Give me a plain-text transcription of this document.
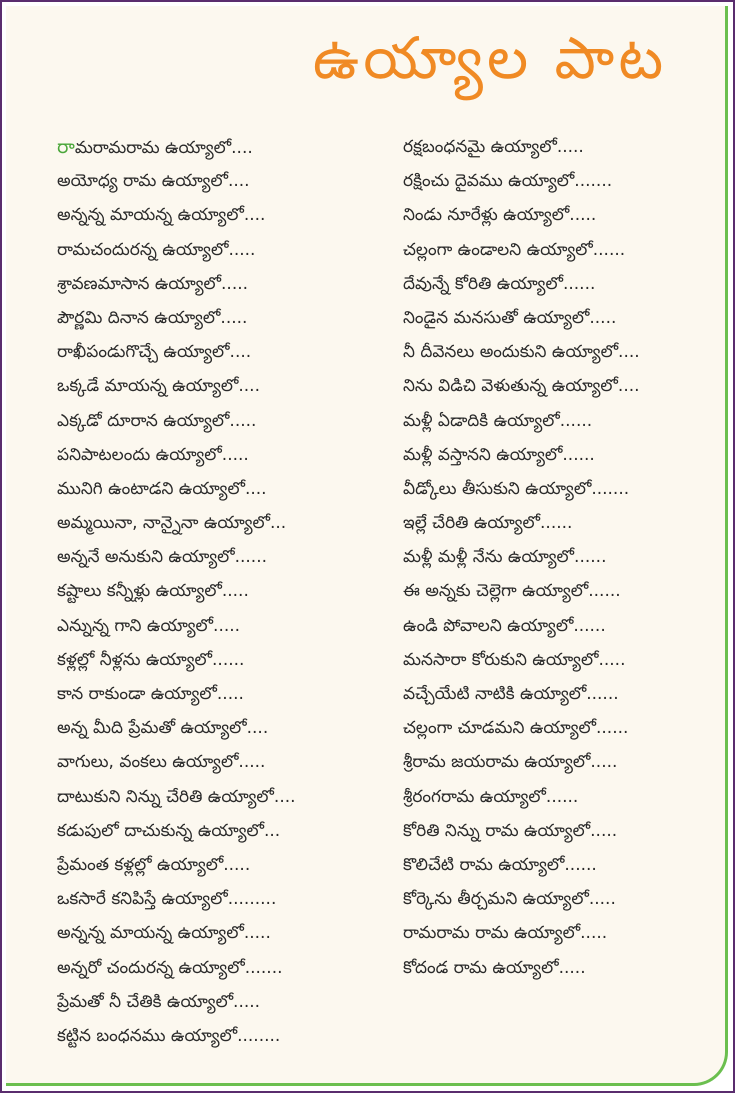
ఉయ్యాల పాట
రామరామరామ ఉయ్యాలో....
అయోధ్య రామ ఉయ్యాలో....
అన్నన్న మాయన్న ఉయ్యాలో....
రామచందురన్న ఉయ్యాలో.....
శ్రావణమాసాన ఉయ్యాలో.....
పౌర్ణమి దినాన ఉయ్యాలో.....
రాఖీపండుగొచ్చే ఉయ్యాలో....
ఒక్కడే మాయన్న ఉయ్యాలో....
ఎక్కడో దూరాన ఉయ్యాలో.....
పనిపాటలందు ఉయ్యాలో.....
మునిగి ఉంటాడని ఉయ్యాలో....
అమ్మయినా, నాన్నైనా ఉయ్యాలో...
అన్ననే అనుకుని ఉయ్యాలో......
కష్టాలు కన్నీళ్లు ఉయ్యాలో.....
ఎన్నున్న గాని ఉయ్యాలో.....
కళ్లల్లో నీళ్లను ఉయ్యాలో......
కాన రాకుండా ఉయ్యాలో.....
అన్న మీది ప్రేమతో ఉయ్యాలో....
వాగులు, వంకలు ఉయ్యాలో.....
దాటుకుని నిన్ను చేరితి ఉయ్యాలో....
కడుపులో దాచుకున్న ఉయ్యాలో...
ప్రేమంత కళ్లల్లో ఉయ్యాలో.....
ఒకసారే కనిపిస్తే ఉయ్యాలో.........
అన్నన్న మాయన్న ఉయ్యాలో.....
అన్నరో చందురన్న ఉయ్యాలో.......
ప్రేమతో నీ చేతికి ఉయ్యాలో.....
కట్టిన బంధనము ఉయ్యాలో........
రక్షబంధనమై ఉయ్యాలో.....
రక్షించు దైవము ఉయ్యాలో.......
నిండు నూరేళ్లు ఉయ్యాలో.....
చల్లంగా ఉండాలని ఉయ్యాలో......
దేవున్నే కోరితి ఉయ్యాలో......
నిండైన మనసుతో ఉయ్యాలో.....
నీ దీవెనలు అందుకుని ఉయ్యాలో....
నిను విడిచి వెళుతున్న ఉయ్యాలో....
మళ్లీ ఏడాదికి ఉయ్యాలో......
మళ్లీ వస్తానని ఉయ్యాలో......
వీడ్కోలు తీసుకుని ఉయ్యాలో.......
ఇల్లే చేరితి ఉయ్యాలో......
మళ్లీ మళ్లీ నేను ఉయ్యాలో......
ఈ అన్నకు చెల్లెగా ఉయ్యాలో......
ఉండి పోవాలని ఉయ్యాలో......
మనసారా కోరుకుని ఉయ్యాలో.....
వచ్చేయేటి నాటికి ఉయ్యాలో......
చల్లంగా చూడమని ఉయ్యాలో......
శ్రీరామ జయరామ ఉయ్యాలో.....
శ్రీరంగరామ ఉయ్యాలో......
కోరితి నిన్ను రామ ఉయ్యాలో.....
కొలిచేటి రామ ఉయ్యాలో......
కోర్కెను తీర్చమని ఉయ్యాలో.....
రామరామ రామ ఉయ్యాలో.....
కోదండ రామ ఉయ్యాలో.....
